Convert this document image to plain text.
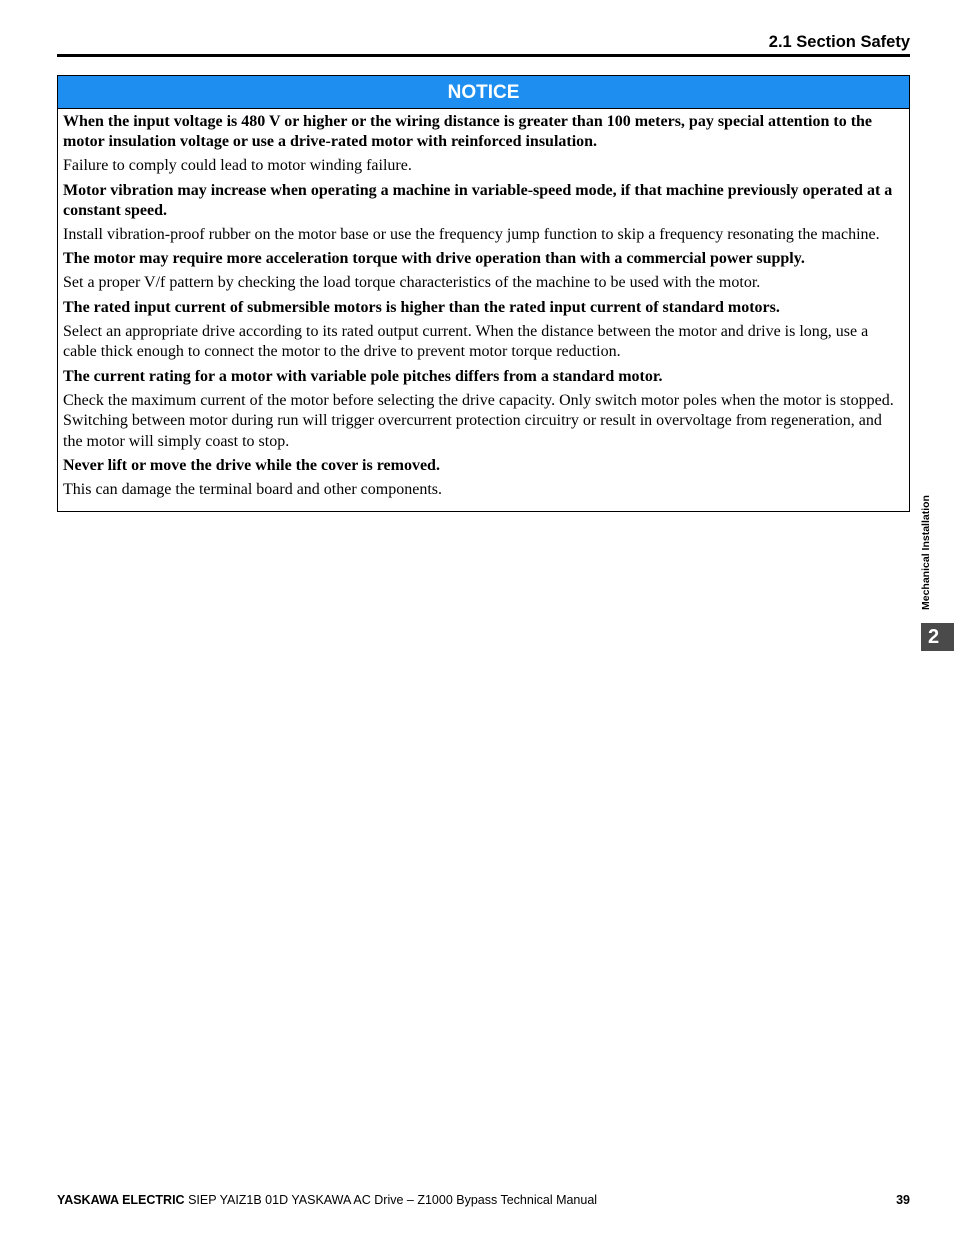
2.1 Section Safety
NOTICE

When the input voltage is 480 V or higher or the wiring distance is greater than 100 meters, pay special attention to the motor insulation voltage or use a drive-rated motor with reinforced insulation.

Failure to comply could lead to motor winding failure.

Motor vibration may increase when operating a machine in variable-speed mode, if that machine previously operated at a constant speed.

Install vibration-proof rubber on the motor base or use the frequency jump function to skip a frequency resonating the machine.

The motor may require more acceleration torque with drive operation than with a commercial power supply.

Set a proper V/f pattern by checking the load torque characteristics of the machine to be used with the motor.

The rated input current of submersible motors is higher than the rated input current of standard motors.

Select an appropriate drive according to its rated output current. When the distance between the motor and drive is long, use a cable thick enough to connect the motor to the drive to prevent motor torque reduction.

The current rating for a motor with variable pole pitches differs from a standard motor.

Check the maximum current of the motor before selecting the drive capacity. Only switch motor poles when the motor is stopped. Switching between motor during run will trigger overcurrent protection circuitry or result in overvoltage from regeneration, and the motor will simply coast to stop.

Never lift or move the drive while the cover is removed.

This can damage the terminal board and other components.

Mechanical Installation
2
YASKAWA ELECTRIC SIEP YAIZ1B 01D YASKAWA AC Drive – Z1000 Bypass Technical Manual	39
